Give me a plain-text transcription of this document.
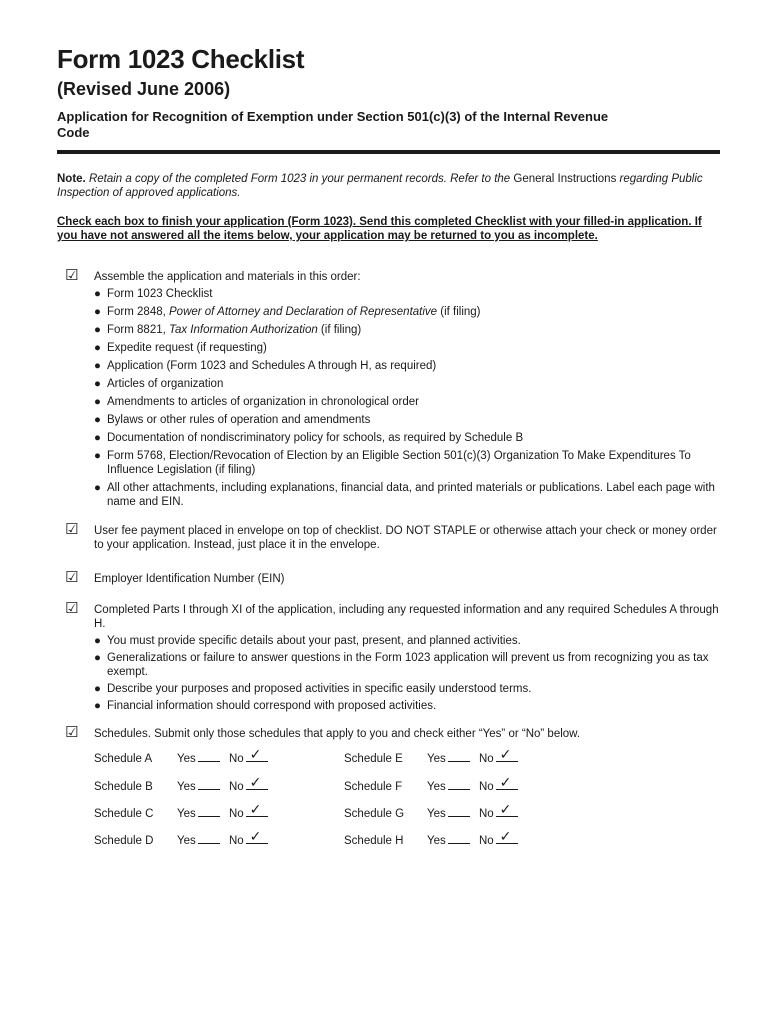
Form 1023 Checklist
(Revised June 2006)
Application for Recognition of Exemption under Section 501(c)(3) of the Internal Revenue Code
Note. Retain a copy of the completed Form 1023 in your permanent records. Refer to the General Instructions regarding Public Inspection of approved applications.
Check each box to finish your application (Form 1023). Send this completed Checklist with your filled-in application. If you have not answered all the items below, your application may be returned to you as incomplete.
☑ Assemble the application and materials in this order:
● Form 1023 Checklist
● Form 2848, Power of Attorney and Declaration of Representative (if filing)
● Form 8821, Tax Information Authorization (if filing)
● Expedite request (if requesting)
● Application (Form 1023 and Schedules A through H, as required)
● Articles of organization
● Amendments to articles of organization in chronological order
● Bylaws or other rules of operation and amendments
● Documentation of nondiscriminatory policy for schools, as required by Schedule B
● Form 5768, Election/Revocation of Election by an Eligible Section 501(c)(3) Organization To Make Expenditures To Influence Legislation (if filing)
● All other attachments, including explanations, financial data, and printed materials or publications. Label each page with name and EIN.
☑ User fee payment placed in envelope on top of checklist. DO NOT STAPLE or otherwise attach your check or money order to your application. Instead, just place it in the envelope.
☑ Employer Identification Number (EIN)
☑ Completed Parts I through XI of the application, including any requested information and any required Schedules A through H.
● You must provide specific details about your past, present, and planned activities.
● Generalizations or failure to answer questions in the Form 1023 application will prevent us from recognizing you as tax exempt.
● Describe your purposes and proposed activities in specific easily understood terms.
● Financial information should correspond with proposed activities.
☑ Schedules. Submit only those schedules that apply to you and check either “Yes” or “No” below.
Schedule A Yes	No ✓
Schedule B Yes	No ✓
Schedule C Yes	No ✓
Schedule D Yes	No ✓
Schedule E Yes	No ✓
Schedule F Yes	No ✓
Schedule G Yes	No ✓
Schedule H Yes	No ✓
